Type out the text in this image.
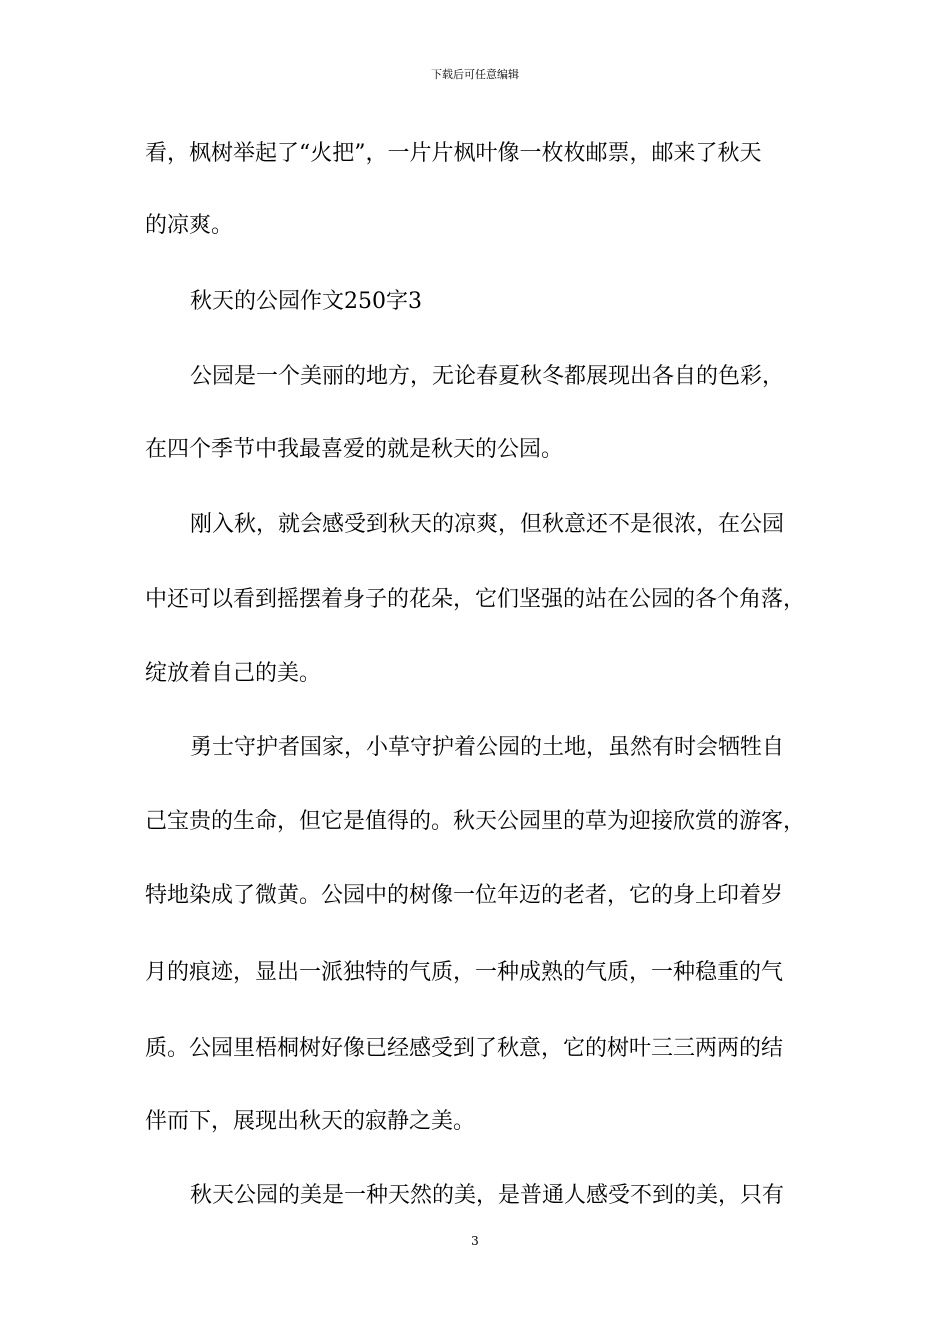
下载后可任意编辑
看，枫树举起了“火把”，一片片枫叶像一枚枚邮票，邮来了秋天
的凉爽。
秋天的公园作文250字3
公园是一个美丽的地方，无论春夏秋冬都展现出各自的色彩，
在四个季节中我最喜爱的就是秋天的公园。
刚入秋，就会感受到秋天的凉爽，但秋意还不是很浓，在公园
中还可以看到摇摆着身子的花朵，它们坚强的站在公园的各个角落，
绽放着自己的美。
勇士守护者国家，小草守护着公园的土地，虽然有时会牺牲自
己宝贵的生命，但它是值得的。秋天公园里的草为迎接欣赏的游客，
特地染成了微黄。公园中的树像一位年迈的老者，它的身上印着岁
月的痕迹，显出一派独特的气质，一种成熟的气质，一种稳重的气
质。公园里梧桐树好像已经感受到了秋意，它的树叶三三两两的结
伴而下，展现出秋天的寂静之美。
秋天公园的美是一种天然的美，是普通人感受不到的美，只有
3
